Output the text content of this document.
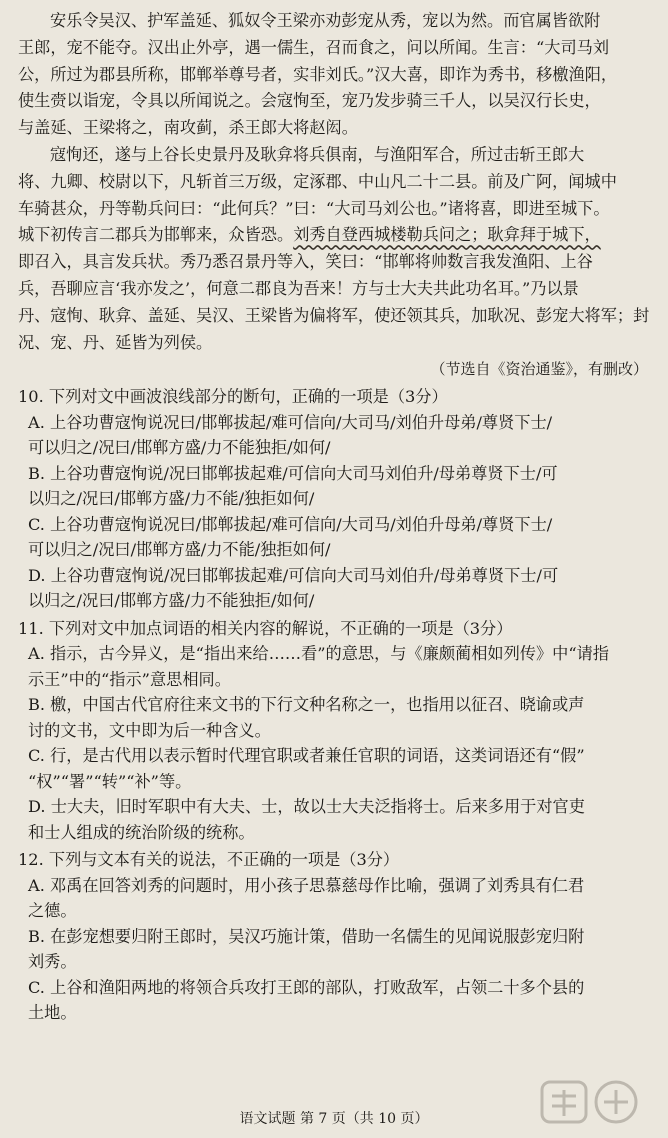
安乐令吴汉、护军盖延、狐奴令王梁亦劝彭宠从秀，宠以为然。而官属皆欲附
王郎，宠不能夺。汉出止外亭，遇一儒生，召而食之，问以所闻。生言：“大司马刘
公，所过为郡县所称，邯郸举尊号者，实非刘氏。”汉大喜，即诈为秀书，移檄渔阳，
使生赍以诣宠，令具以所闻说之。会寇恂至，宠乃发步骑三千人，以吴汉行长史，
与盖延、王梁将之，南攻蓟，杀王郎大将赵闳。

寇恂还，遂与上谷长史景丹及耿弇将兵俱南，与渔阳军合，所过击斩王郎大
将、九卿、校尉以下，凡斩首三万级，定涿郡、中山凡二十二县。前及广阿，闻城中
车骑甚众，丹等勒兵问曰：“此何兵？”曰：“大司马刘公也。”诸将喜，即进至城下。
城下初传言二郡兵为邯郸来，众皆恐。刘秀自登西城楼勒兵问之；耿弇拜于城下，
即召入，具言发兵状。秀乃悉召景丹等入，笑曰：“邯郸将帅数言我发渔阳、上谷
兵，吾聊应言‘我亦发之’，何意二郡良为吾来！方与士大夫共此功名耳。”乃以景
丹、寇恂、耿弇、盖延、吴汉、王梁皆为偏将军，使还领其兵，加耿况、彭宠大将军；封
况、宠、丹、延皆为列侯。

（节选自《资治通鉴》，有删改）

10. 下列对文中画波浪线部分的断句，正确的一项是（3分）

A. 上谷功曹寇恂说况曰/邯郸拔起/难可信向/大司马/刘伯升母弟/尊贤下士/
可以归之/况曰/邯郸方盛/力不能独拒/如何/

B. 上谷功曹寇恂说/况曰邯郸拔起难/可信向大司马刘伯升/母弟尊贤下士/可
以归之/况曰/邯郸方盛/力不能/独拒如何/

C. 上谷功曹寇恂说况曰/邯郸拔起/难可信向/大司马/刘伯升母弟/尊贤下士/
可以归之/况曰/邯郸方盛/力不能/独拒如何/

D. 上谷功曹寇恂说/况曰邯郸拔起难/可信向大司马刘伯升/母弟尊贤下士/可
以归之/况曰/邯郸方盛/力不能独拒/如何/

11. 下列对文中加点词语的相关内容的解说，不正确的一项是（3分）

A. 指示，古今异义，是“指出来给……看”的意思，与《廉颇蔺相如列传》中“请指
示王”中的“指示”意思相同。

B. 檄，中国古代官府往来文书的下行文种名称之一，也指用以征召、晓谕或声
讨的文书，文中即为后一种含义。

C. 行，是古代用以表示暂时代理官职或者兼任官职的词语，这类词语还有“假”
“权”“署”“转”“补”等。

D. 士大夫，旧时军职中有大夫、士，故以士大夫泛指将士。后来多用于对官吏
和士人组成的统治阶级的统称。

12. 下列与文本有关的说法，不正确的一项是（3分）

A. 邓禹在回答刘秀的问题时，用小孩子思慕慈母作比喻，强调了刘秀具有仁君
之德。

B. 在彭宠想要归附王郎时，吴汉巧施计策，借助一名儒生的见闻说服彭宠归附
刘秀。

C. 上谷和渔阳两地的将领合兵攻打王郎的部队，打败敌军，占领二十多个县的
土地。

语文试题 第 7 页（共 10 页）
